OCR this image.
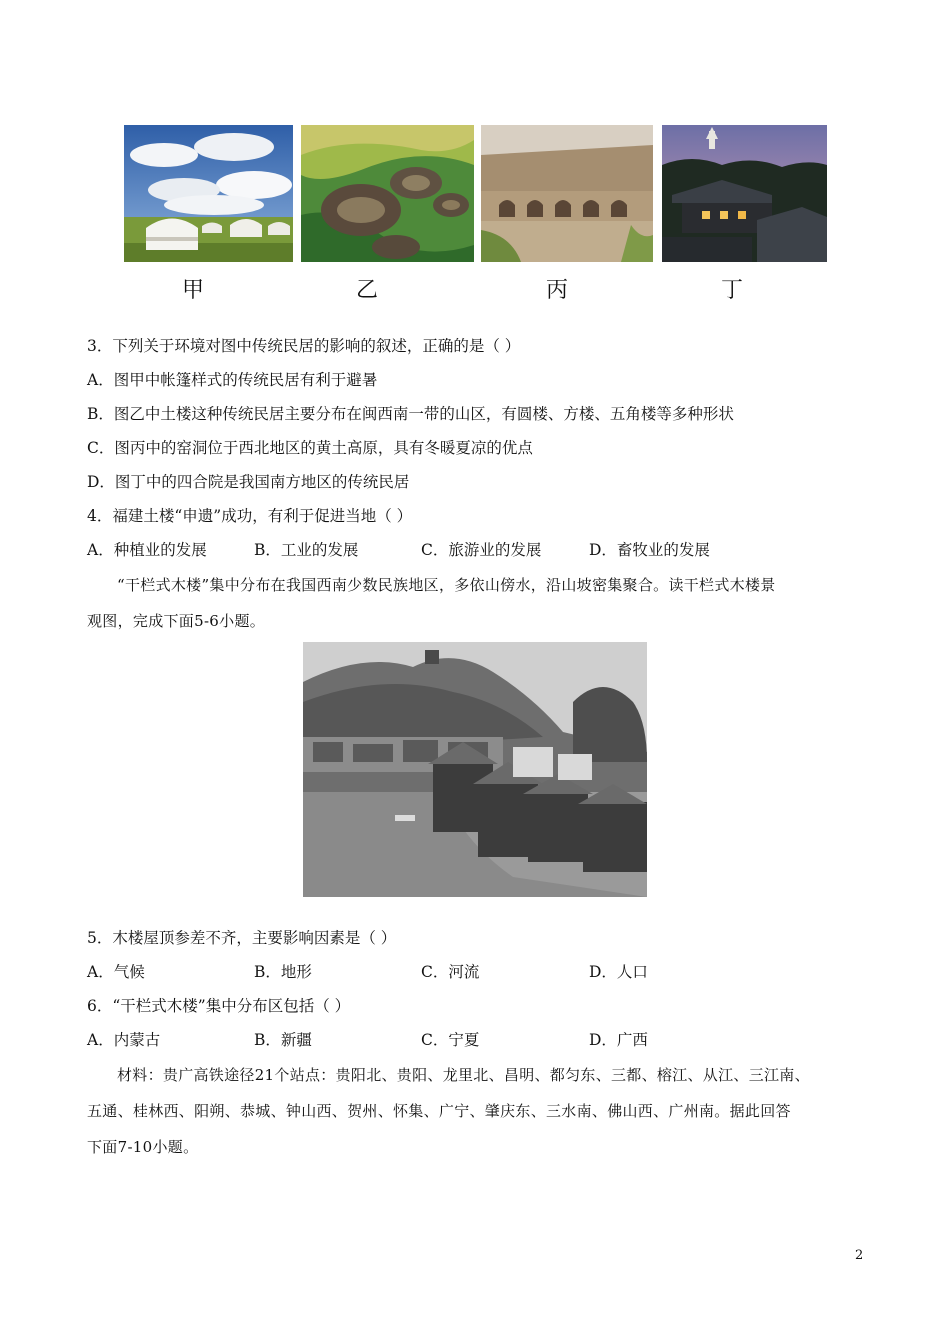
甲	乙	丙	丁
3．下列关于环境对图中传统民居的影响的叙述，正确的是（ ）
A．图甲中帐篷样式的传统民居有利于避暑
B．图乙中土楼这种传统民居主要分布在闽西南一带的山区，有圆楼、方楼、五角楼等多种形状
C．图丙中的窑洞位于西北地区的黄土高原，具有冬暖夏凉的优点
D．图丁中的四合院是我国南方地区的传统民居
4．福建土楼“申遗”成功，有利于促进当地（ ）
A．种植业的发展	B．工业的发展	C．旅游业的发展	D．畜牧业的发展
“干栏式木楼”集中分布在我国西南少数民族地区，多依山傍水，沿山坡密集聚合。读干栏式木楼景
观图，完成下面5-6小题。
5．木楼屋顶参差不齐，主要影响因素是（ ）
A．气候	B．地形	C．河流	D．人口
6．“干栏式木楼”集中分布区包括（ ）
A．内蒙古	B．新疆	C．宁夏	D．广西
材料：贵广高铁途径21个站点：贵阳北、贵阳、龙里北、昌明、都匀东、三都、榕江、从江、三江南、
五通、桂林西、阳朔、恭城、钟山西、贺州、怀集、广宁、肇庆东、三水南、佛山西、广州南。据此回答
下面7-10小题。
2
